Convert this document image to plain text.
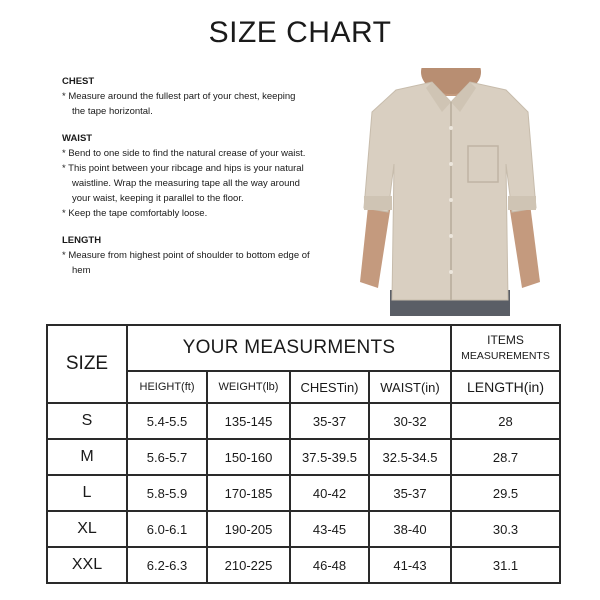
SIZE CHART
CHEST
* Measure around the fullest part of your chest, keeping
the tape horizontal.
WAIST
* Bend to one side to find the natural crease of your waist.
* This point between your ribcage and hips is your natural
waistline. Wrap the measuring tape all the way around
your waist, keeping it parallel to the floor.
* Keep the tape comfortably loose.
LENGTH
* Measure from highest point of shoulder to bottom edge of
hem
SIZE	YOUR MEASURMENTS				ITEMS
MEASUREMENTS

	HEIGHT(ft)	WEIGHT(lb)	CHESTin)	WAIST(in)	LENGTH(in)
S	5.4-5.5	135-145	35-37	30-32	28
M	5.6-5.7	150-160	37.5-39.5	32.5-34.5	28.7
L	5.8-5.9	170-185	40-42	35-37	29.5
XL	6.0-6.1	190-205	43-45	38-40	30.3
XXL	6.2-6.3	210-225	46-48	41-43	31.1
